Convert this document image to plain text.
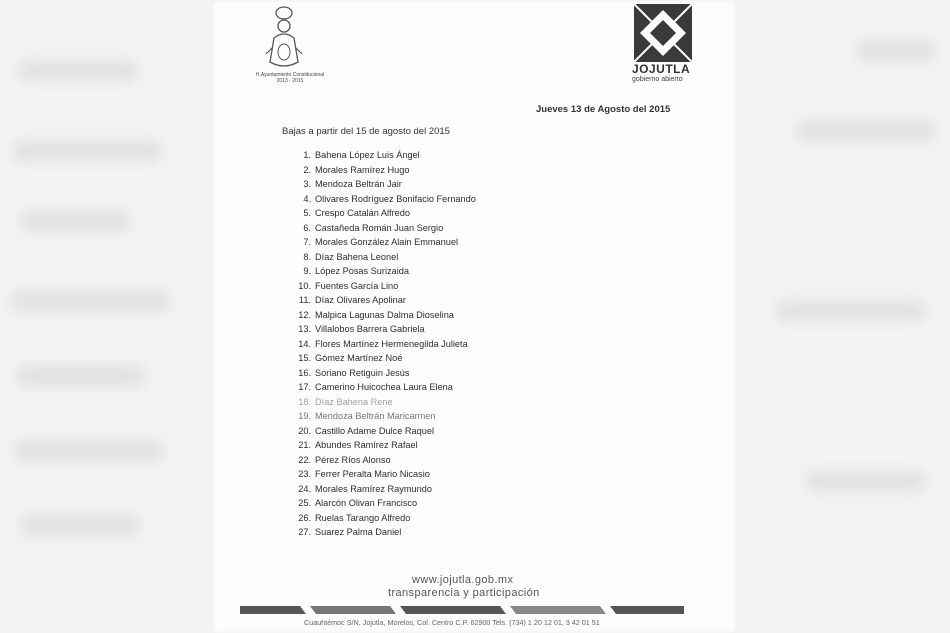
H.Ayuntamiento Constitucional
2013 - 2015
JOJUTLA
gobierno abierto
Jueves 13 de Agosto del 2015
Bajas a partir del 15 de agosto del 2015
1. Bahena López Luis Ángel
2. Morales Ramírez Hugo
3. Mendoza Beltrán Jair
4. Olivares Rodríguez Bonifacio Fernando
5. Crespo Catalán Alfredo
6. Castañeda Román Juan Sergio
7. Morales González Alain Emmanuel
8. Díaz Bahena Leonel
9. López Posas Surizaida
10. Fuentes García Lino
11. Díaz Olivares Apolinar
12. Malpica Lagunas Dalma Dioselina
13. Villalobos Barrera Gabriela
14. Flores Martínez Hermenegilda Julieta
15. Gómez Martínez Noé
16. Soriano Retiguin Jesús
17. Camerino Huicochea Laura Elena
18. Díaz Bahena Rene
19. Mendoza Beltrán Maricarmen
20. Castillo Adame Dulce Raquel
21. Abundes Ramírez Rafael
22. Pérez Ríos Alonso
23. Ferrer Peralta Mario Nicasio
24. Morales Ramírez Raymundo
25. Alarcón Olivan Francisco
26. Ruelas Tarango Alfredo
27. Suarez Palma Daniel
www.jojutla.gob.mx
transparencia y participación
Cuauhtémoc S/N, Jojutla, Morelos, Col. Centro C.P. 62900 Tels. (734) 1 20 12 01, 3 42 01 51
